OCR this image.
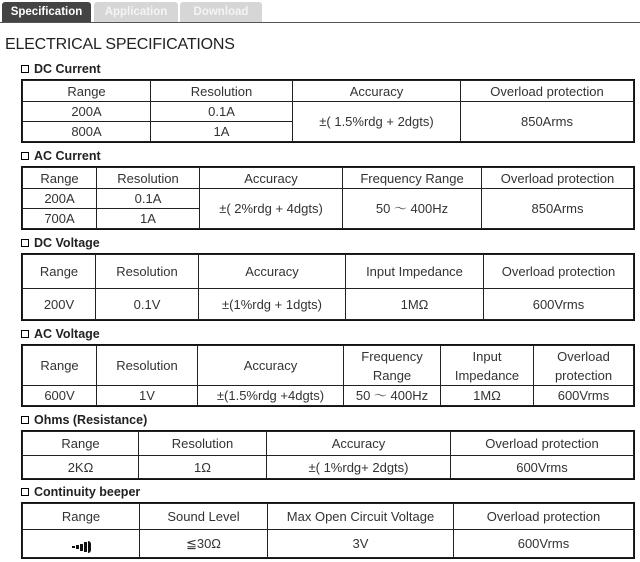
Specification	Application	Download
ELECTRICAL SPECIFICATIONS
DC Current
Range	Resolution	Accuracy	Overload protection
200A	0.1A	±( 1.5%rdg + 2dgts)	850Arms
800A	1A		
AC Current
Range	Resolution	Accuracy	Frequency Range	Overload protection
200A	0.1A	±( 2%rdg + 4dgts)	50 ～ 400Hz	850Arms
700A	1A			
DC Voltage
Range	Resolution	Accuracy	Input Impedance	Overload protection
200V	0.1V	±(1%rdg + 1dgts)	1MΩ	600Vrms
AC Voltage
Range	Resolution	Accuracy	Frequency Range	Input Impedance	Overload protection
600V	1V	±(1.5%rdg +4dgts)	50 ～ 400Hz	1MΩ	600Vrms
Ohms (Resistance)
Range	Resolution	Accuracy	Overload protection
2KΩ	1Ω	±( 1%rdg+ 2dgts)	600Vrms
Continuity beeper
Range	Sound Level	Max Open Circuit Voltage	Overload protection

	≦30Ω	3V	600Vrms
